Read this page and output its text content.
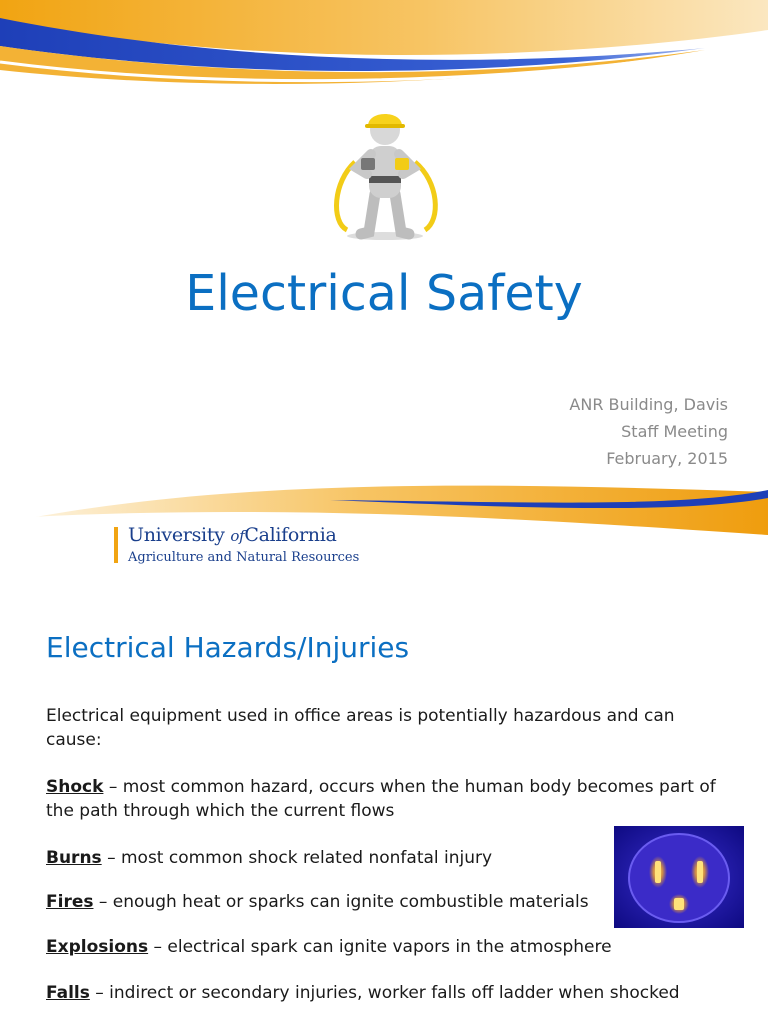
Electrical Safety
ANR Building, Davis
Staff Meeting
February, 2015
University ofCalifornia
Agriculture and Natural Resources
Electrical Hazards/Injuries
Electrical equipment used in office areas is potentially hazardous and can cause:
Shock – most common hazard, occurs when the human body becomes part of the path through which the current flows
Burns – most common shock related nonfatal injury
Fires – enough heat or sparks can ignite combustible materials
Explosions – electrical spark can ignite vapors in the atmosphere
Falls – indirect or secondary injuries, worker falls off ladder when shocked
